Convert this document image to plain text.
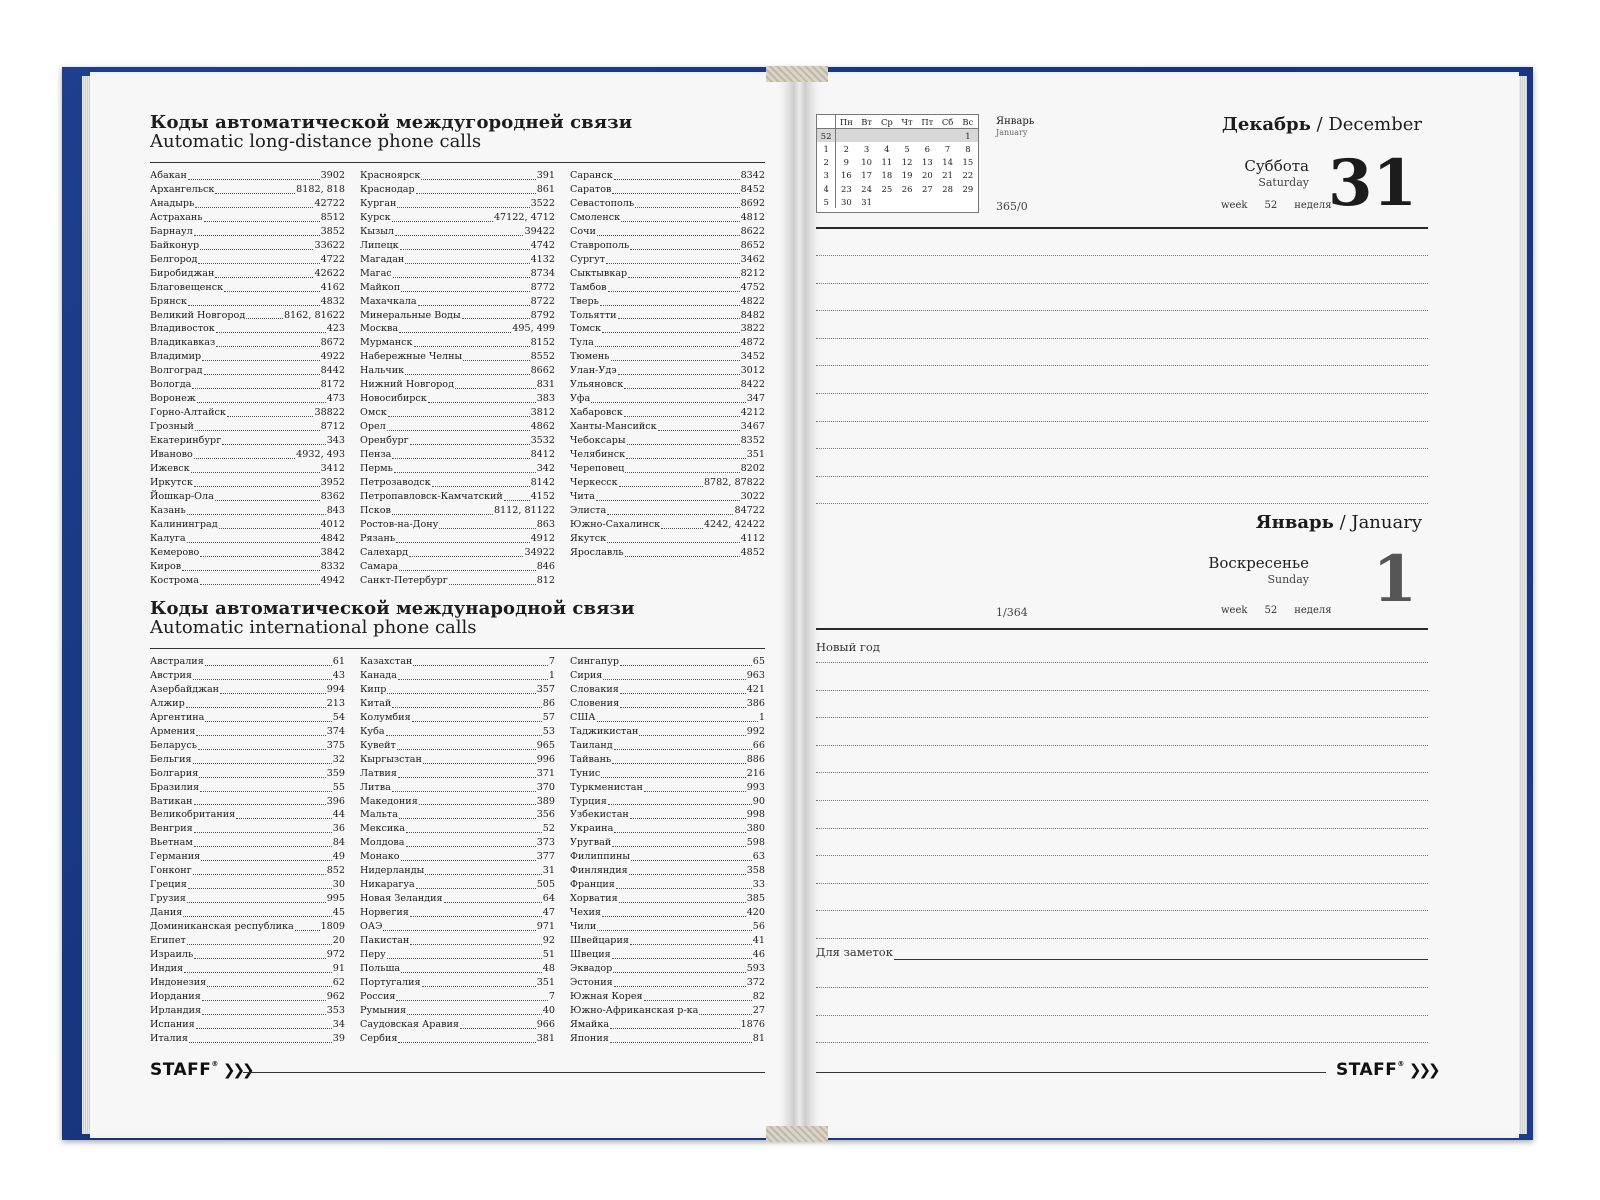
Коды автоматической междугородней связи
Automatic long-distance phone calls
Абакан	3902
Архангельск	8182, 818
Анадырь	42722
Астрахань	8512
Барнаул	3852
Байконур	33622
Белгород	4722
Биробиджан	42622
Благовещенск	4162
Брянск	4832
Великий Новгород	8162, 81622
Владивосток	423
Владикавказ	8672
Владимир	4922
Волгоград	8442
Вологда	8172
Воронеж	473
Горно-Алтайск	38822
Грозный	8712
Екатеринбург	343
Иваново	4932, 493
Ижевск	3412
Иркутск	3952
Йошкар-Ола	8362
Казань	843
Калининград	4012
Калуга	4842
Кемерово	3842
Киров	8332
Кострома	4942
Красноярск	391
Краснодар	861
Курган	3522
Курск	47122, 4712
Кызыл	39422
Липецк	4742
Магадан	4132
Магас	8734
Майкоп	8772
Махачкала	8722
Минеральные Воды	8792
Москва	495, 499
Мурманск	8152
Набережные Челны	8552
Нальчик	8662
Нижний Новгород	831
Новосибирск	383
Омск	3812
Орел	4862
Оренбург	3532
Пенза	8412
Пермь	342
Петрозаводск	8142
Петропавловск-Камчатский	4152
Псков	8112, 81122
Ростов-на-Дону	863
Рязань	4912
Салехард	34922
Самара	846
Санкт-Петербург	812
Саранск	8342
Саратов	8452
Севастополь	8692
Смоленск	4812
Сочи	8622
Ставрополь	8652
Сургут	3462
Сыктывкар	8212
Тамбов	4752
Тверь	4822
Тольятти	8482
Томск	3822
Тула	4872
Тюмень	3452
Улан-Удэ	3012
Ульяновск	8422
Уфа	347
Хабаровск	4212
Ханты-Мансийск	3467
Чебоксары	8352
Челябинск	351
Череповец	8202
Черкесск	8782, 87822
Чита	3022
Элиста	84722
Южно-Сахалинск	4242, 42422
Якутск	4112
Ярославль	4852
Коды автоматической международной связи
Automatic international phone calls
Австралия	61
Австрия	43
Азербайджан	994
Алжир	213
Аргентина	54
Армения	374
Беларусь	375
Бельгия	32
Болгария	359
Бразилия	55
Ватикан	396
Великобритания	44
Венгрия	36
Вьетнам	84
Германия	49
Гонконг	852
Греция	30
Грузия	995
Дания	45
Доминиканская республика	1809
Египет	20
Израиль	972
Индия	91
Индонезия	62
Иордания	962
Ирландия	353
Испания	34
Италия	39
Казахстан	7
Канада	1
Кипр	357
Китай	86
Колумбия	57
Куба	53
Кувейт	965
Кыргызстан	996
Латвия	371
Литва	370
Македония	389
Мальта	356
Мексика	52
Молдова	373
Монако	377
Нидерланды	31
Никарагуа	505
Новая Зеландия	64
Норвегия	47
ОАЭ	971
Пакистан	92
Перу	51
Польша	48
Португалия	351
Россия	7
Румыния	40
Саудовская Аравия	966
Сербия	381
Сингапур	65
Сирия	963
Словакия	421
Словения	386
США	1
Таджикистан	992
Таиланд	66
Тайвань	886
Тунис	216
Туркменистан	993
Турция	90
Узбекистан	998
Украина	380
Уругвай	598
Филиппины	63
Финляндия	358
Франция	33
Хорватия	385
Чехия	420
Чили	56
Швейцария	41
Швеция	46
Эквадор	593
Эстония	372
Южная Корея	82
Южно-Африканская р-ка	27
Ямайка	1876
Япония	81
STAFF® ❯❯❯
	Пн	Вт	Ср	Чт	Пт	Сб	Вс
52							1
1	2	3	4	5	6	7	8
2	9	10	11	12	13	14	15
3	16	17	18	19	20	21	22
4	23	24	25	26	27	28	29
5	30	31					
Январь
January
365/0
Декабрь / December
Суббота
Saturday 31
week 52 неделя
Январь / January
Воскресенье
Sunday 1
1/364	week 52 неделя
Новый год
Для заметок
STAFF® ❯❯❯
